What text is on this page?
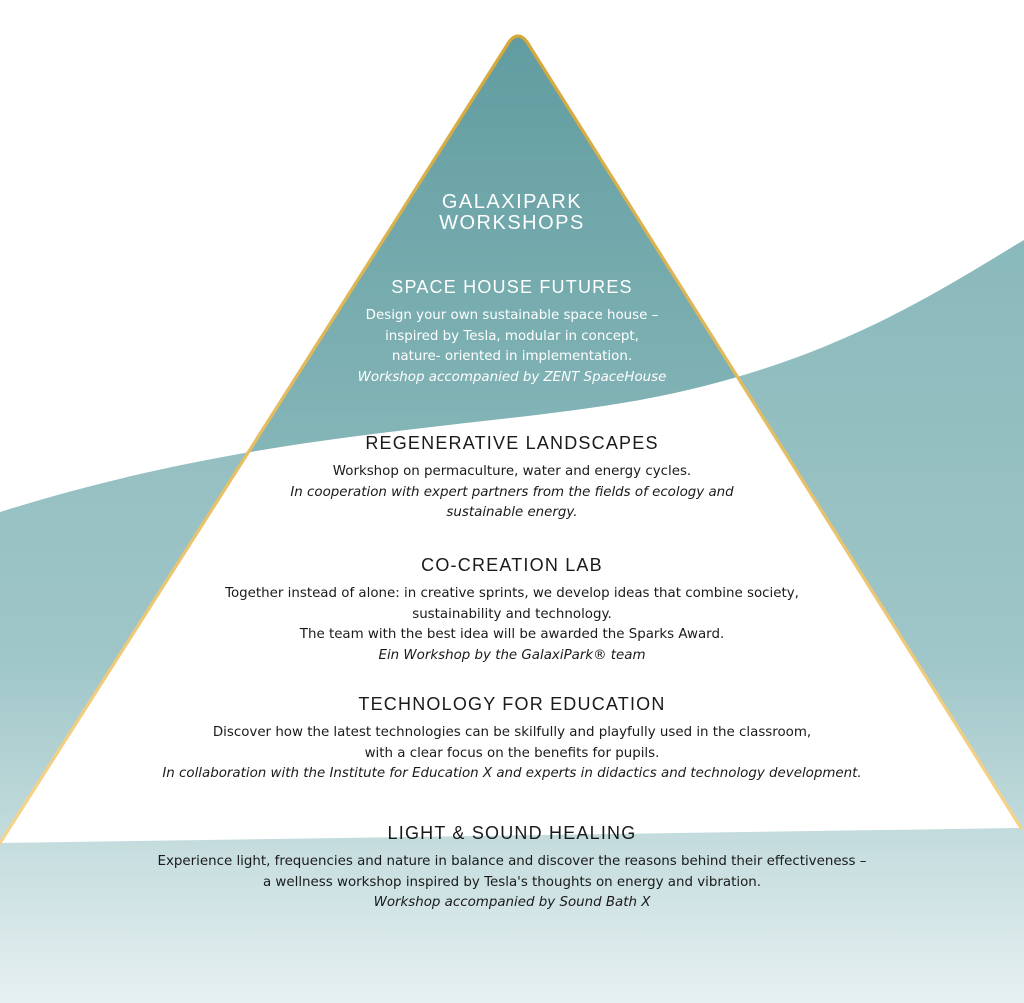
GALAXIPARK
WORKSHOPS
SPACE HOUSE FUTURES
Design your own sustainable space house –
inspired by Tesla, modular in concept,
nature- oriented in implementation.
Workshop accompanied by ZENT SpaceHouse
REGENERATIVE LANDSCAPES
Workshop on permaculture, water and energy cycles.
In cooperation with expert partners from the fields of ecology and
sustainable energy.
CO-CREATION LAB
Together instead of alone: in creative sprints, we develop ideas that combine society,
sustainability and technology.
The team with the best idea will be awarded the Sparks Award.
Ein Workshop by the GalaxiPark® team
TECHNOLOGY FOR EDUCATION
Discover how the latest technologies can be skilfully and playfully used in the classroom,
with a clear focus on the benefits for pupils.
In collaboration with the Institute for Education X and experts in didactics and technology development.
LIGHT & SOUND HEALING
Experience light, frequencies and nature in balance and discover the reasons behind their effectiveness –
a wellness workshop inspired by Tesla's thoughts on energy and vibration.
Workshop accompanied by Sound Bath X
